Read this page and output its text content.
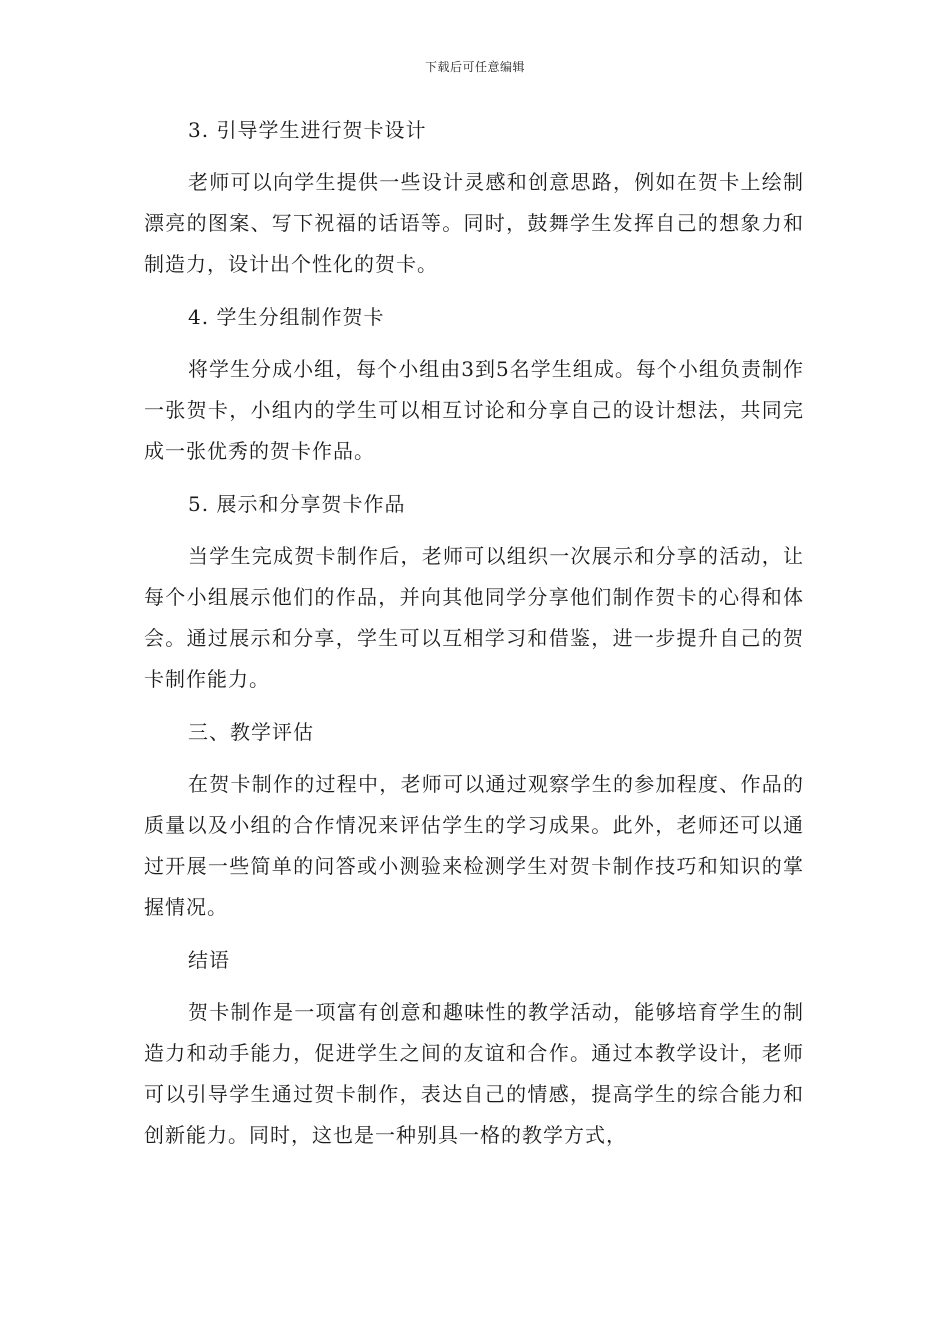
下载后可任意编辑
3. 引导学生进行贺卡设计
老师可以向学生提供一些设计灵感和创意思路，例如在贺卡上绘制漂亮的图案、写下祝福的话语等。同时，鼓舞学生发挥自己的想象力和制造力，设计出个性化的贺卡。
4. 学生分组制作贺卡
将学生分成小组，每个小组由3到5名学生组成。每个小组负责制作一张贺卡，小组内的学生可以相互讨论和分享自己的设计想法，共同完成一张优秀的贺卡作品。
5. 展示和分享贺卡作品
当学生完成贺卡制作后，老师可以组织一次展示和分享的活动，让每个小组展示他们的作品，并向其他同学分享他们制作贺卡的心得和体会。通过展示和分享，学生可以互相学习和借鉴，进一步提升自己的贺卡制作能力。
三、教学评估
在贺卡制作的过程中，老师可以通过观察学生的参加程度、作品的质量以及小组的合作情况来评估学生的学习成果。此外，老师还可以通过开展一些简单的问答或小测验来检测学生对贺卡制作技巧和知识的掌握情况。
结语
贺卡制作是一项富有创意和趣味性的教学活动，能够培育学生的制造力和动手能力，促进学生之间的友谊和合作。通过本教学设计，老师可以引导学生通过贺卡制作，表达自己的情感，提高学生的综合能力和创新能力。同时，这也是一种别具一格的教学方式，
